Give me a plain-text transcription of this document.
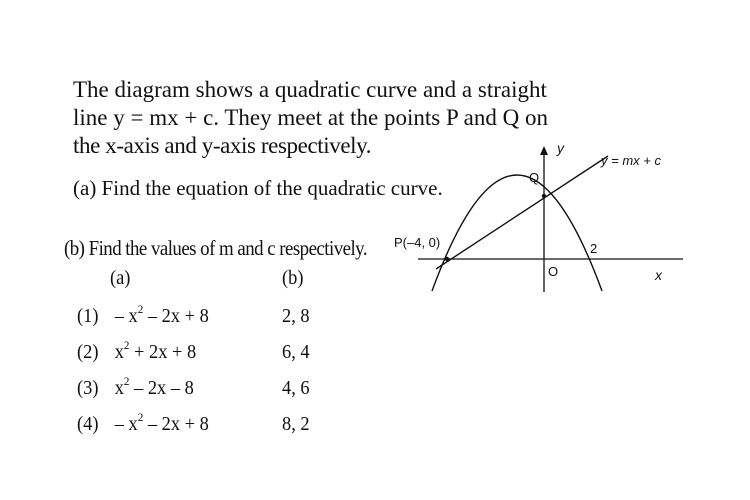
The diagram shows a quadratic curve and a straight
line y = mx + c. They meet at the points P and Q on
the x-axis and y-axis respectively.
(a) Find the equation of the quadratic curve.
(b) Find the values of m and c respectively.
y
y = mx + c
Q
P(–4, 0)	2
O	x
(a)	(b)
$(1) - x^2 - 2x + 8$	2, 8
(2) $x^2 + 2x + 8$	6, 4
(3) $x^2 - 2x - 8$	4, 6
$(4) - x^2 - 2x + 8$	8, 2
